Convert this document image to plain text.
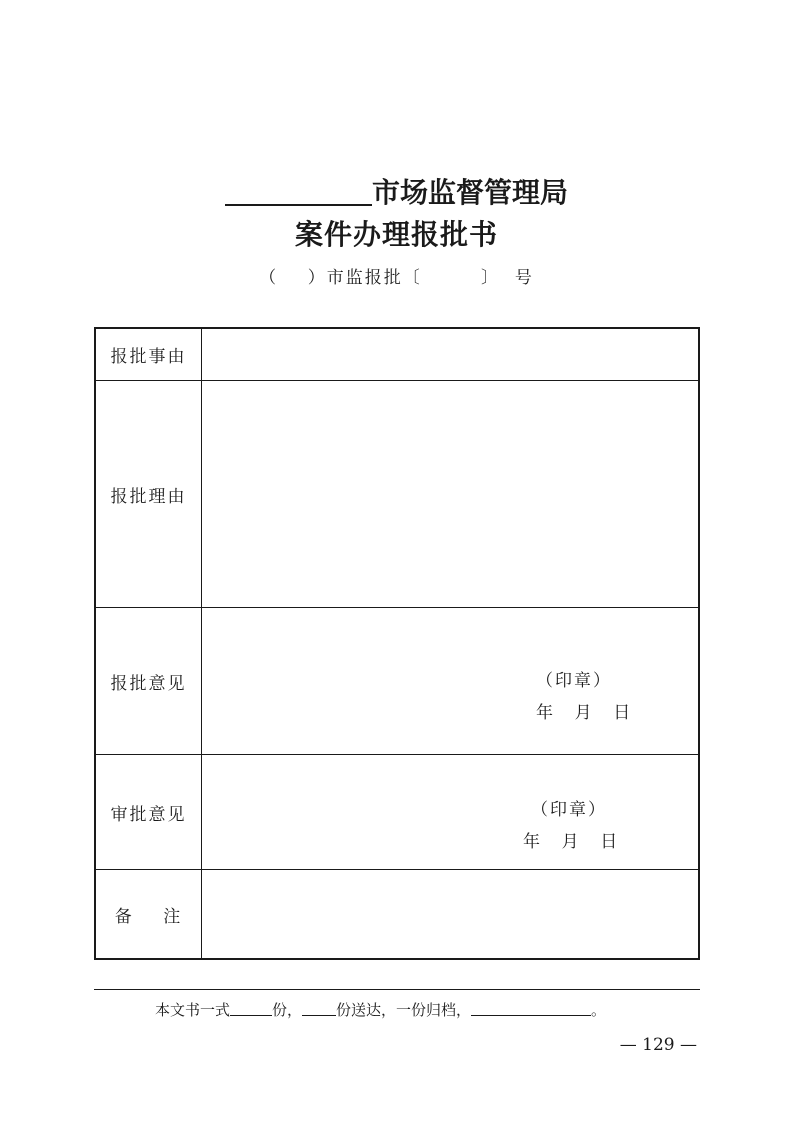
市场监督管理局
案件办理报批书
（    ）市监报批〔        〕  号
报批事由
报批理由
报批意见	（印章）
年    月    日
审批意见	（印章）
年    月    日
备    注
本文书一式	份， 份送达，一份归档，	。
— 129 —
